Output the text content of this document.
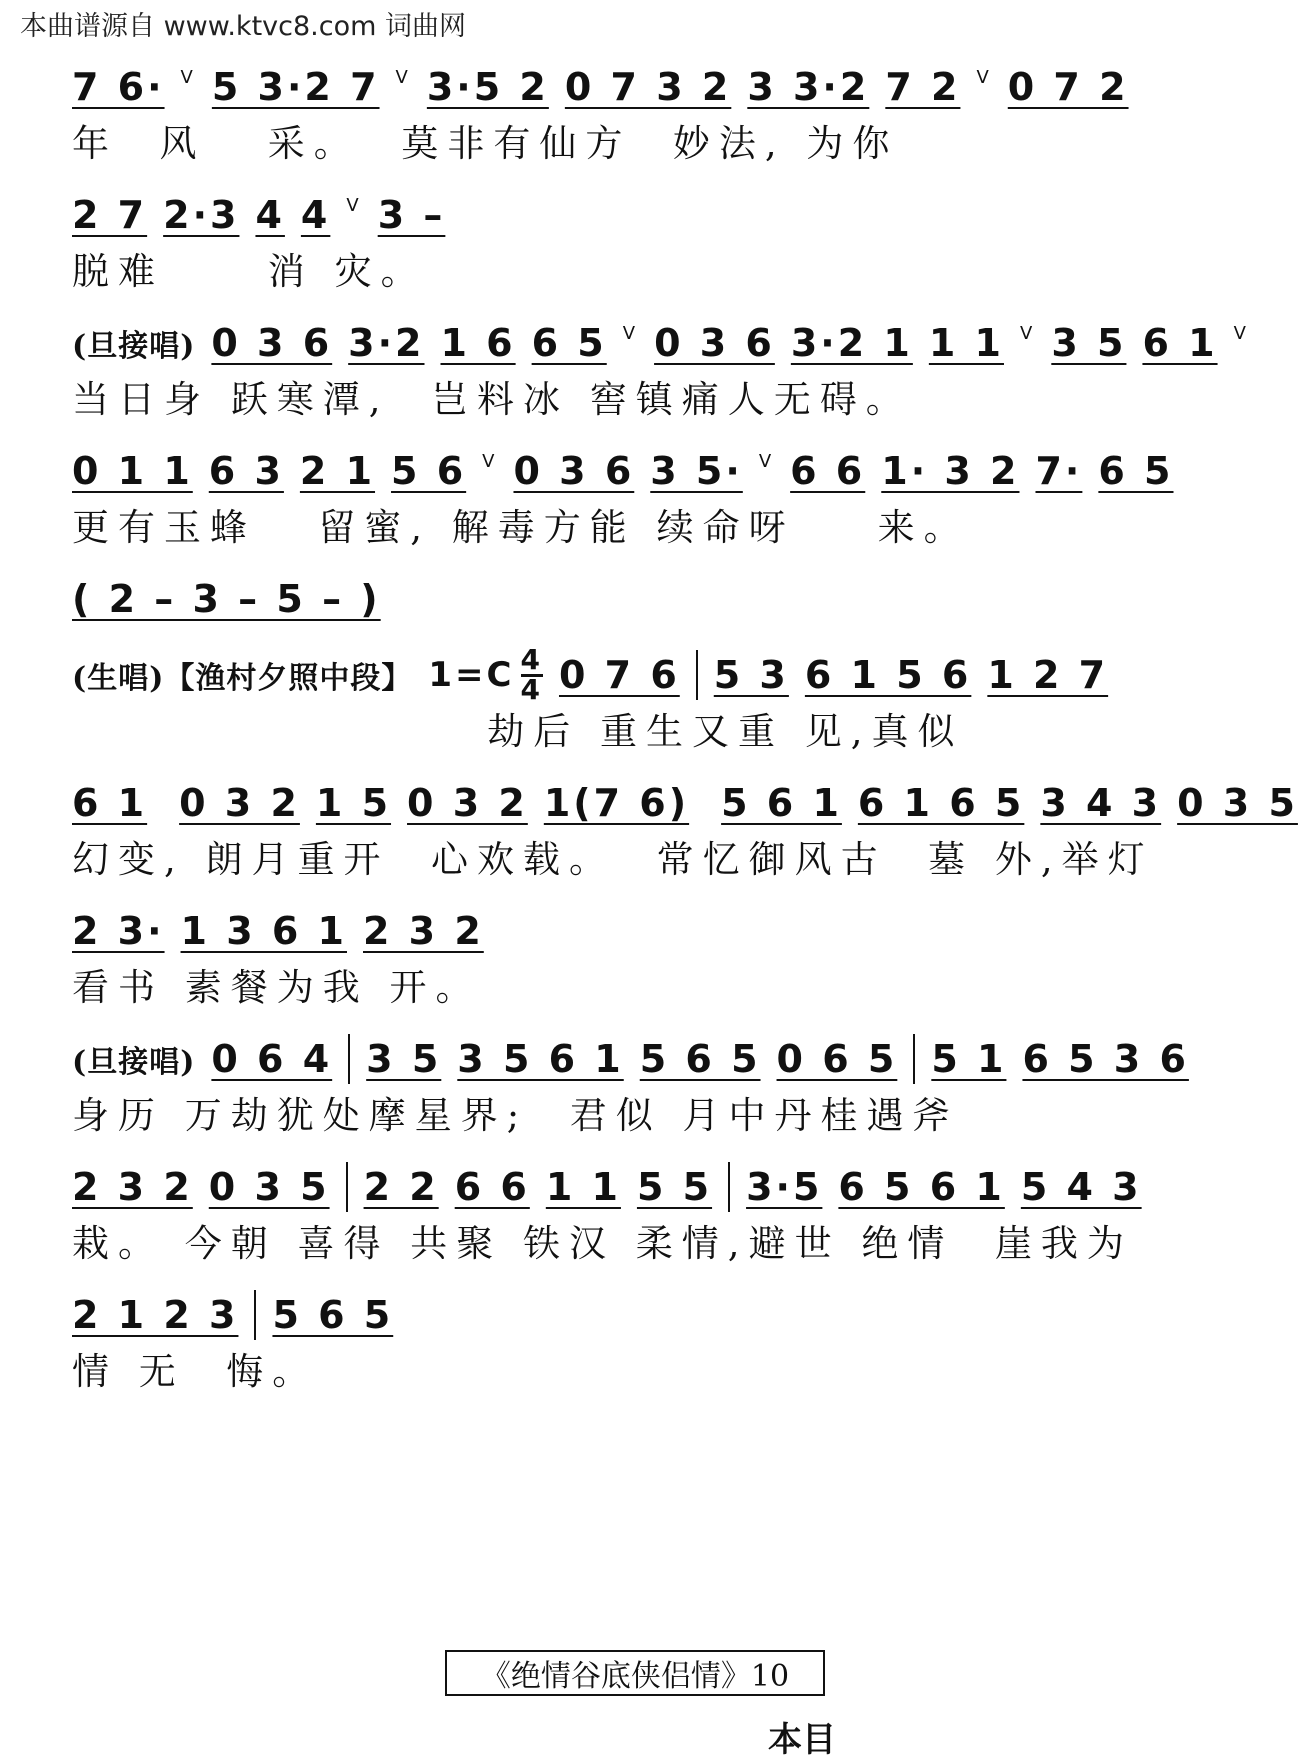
本曲谱源自 www.ktvc8.com 词曲网
7 6· V 5 3·2 7 V 3·5 2 0 7 3 2 3 3·2 7 2 V 0 7 2
年  风   采。  莫非有仙方  妙法, 为你
2 7 2·3 4 4 V 3 –
脱难     消 灾。
(旦接唱) 0 3 6 3·2 1 6 6 5 V 0 3 6 3·2 1 1 1 V 3 5 6 1 V
当日身 跃寒潭,  岂料冰 窖镇痛人无碍。
0 1 1 6 3 2 1 5 6 V 0 3 6 3 5· V 6 6 1· 3 2 7· 6 5
更有玉蜂   留蜜, 解毒方能 续命呀    来。
( 2 – 3 – 5 – )
(生唱)【渔村夕照中段】 1=C 4
4 0 7 6 5 3 6 1 5 6 1 2 7
劫后 重生又重 见,真似
6 1 0 3 2 1 5 0 3 2 1(7 6) 5 6 1 6 1 6 5 3 4 3 0 3 5
幻变, 朗月重开  心欢载。  常忆御风古  墓 外,举灯
2 3· 1 3 6 1 2 3 2
看书 素餐为我 开。
(旦接唱) 0 6 4 3 5 3 5 6 1 5 6 5 0 6 5 5 1 6 5 3 6
身历 万劫犹处摩星界;  君似 月中丹桂遇斧
2 3 2 0 3 5 2 2 6 6 1 1 5 5 3·5 6 5 6 1 5 4 3
栽。 今朝 喜得 共聚 铁汉 柔情,避世 绝情  崖我为
2 1 2 3 5 6 5
情 无  悔。
《绝情谷底侠侣情》10
本目
